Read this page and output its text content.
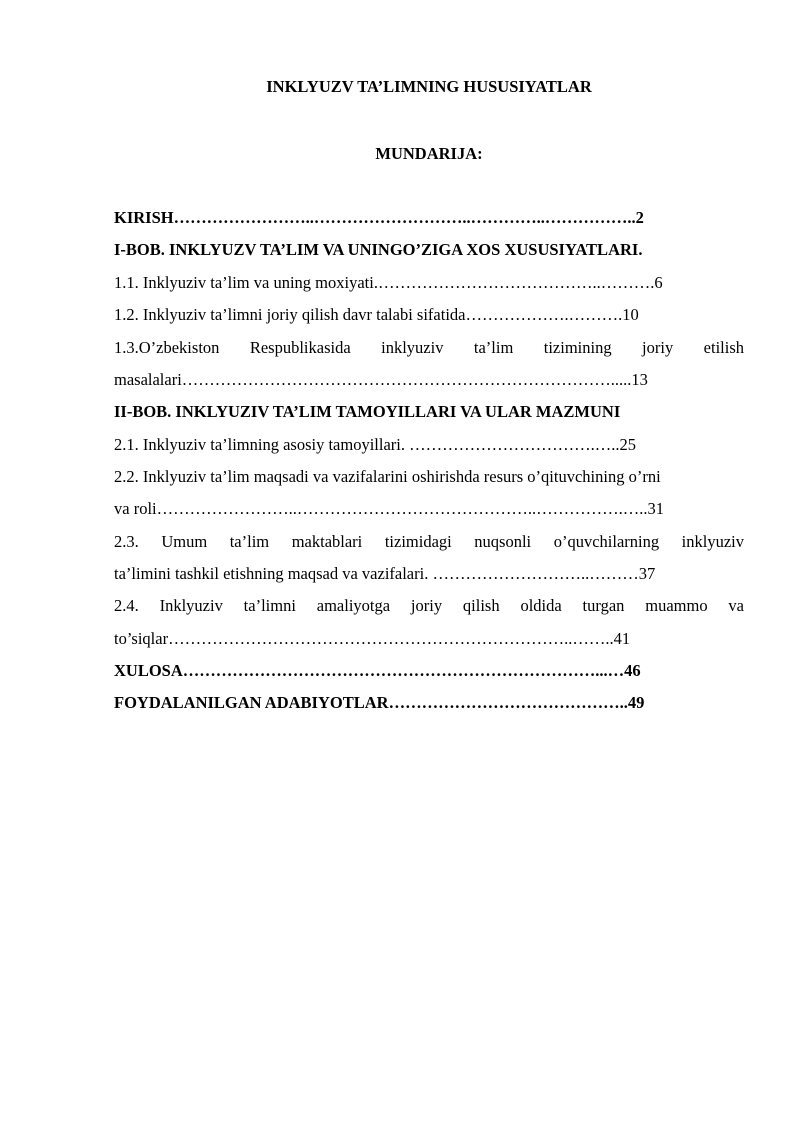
INKLYUZV TA’LIMNING HUSUSIYATLAR
MUNDARIJA:
KIRISH……………………..………………………..…………..……………..2
I-BOB. INKLYUZV TA’LIM VA UNINGO’ZIGA XOS XUSUSIYATLARI.
1.1. Inklyuziv ta’lim va uning moxiyati.…………………………………..……….6
1.2. Inklyuziv ta’limni joriy qilish davr talabi sifatida……………….……….10
1.3.O’zbekiston Respublikasida inklyuziv ta’lim tizimining joriy etilish
masalalari…………………………………………………………………….....13
II-BOB. INKLYUZIV TA’LIM TAMOYILLARI VA ULAR MAZMUNI
2.1. Inklyuziv ta’limning asosiy tamoyillari. …………………………….…..25
2.2. Inklyuziv ta’lim maqsadi va vazifalarini oshirishda resurs o’qituvchining o’rni
va roli……………………..……………………………………..…………….…..31
2.3. Umum ta’lim maktablari tizimidagi nuqsonli o’quvchilarning inklyuziv
ta’limini tashkil etishning maqsad va vazifalari. ………………………..………37
2.4. Inklyuziv ta’limni amaliyotga joriy qilish oldida turgan muammo va
to’siqlar………………………………………………………………..……..41
XULOSA…………………………………………………………………...…46
FOYDALANILGAN ADABIYOTLAR……………………………………..49
